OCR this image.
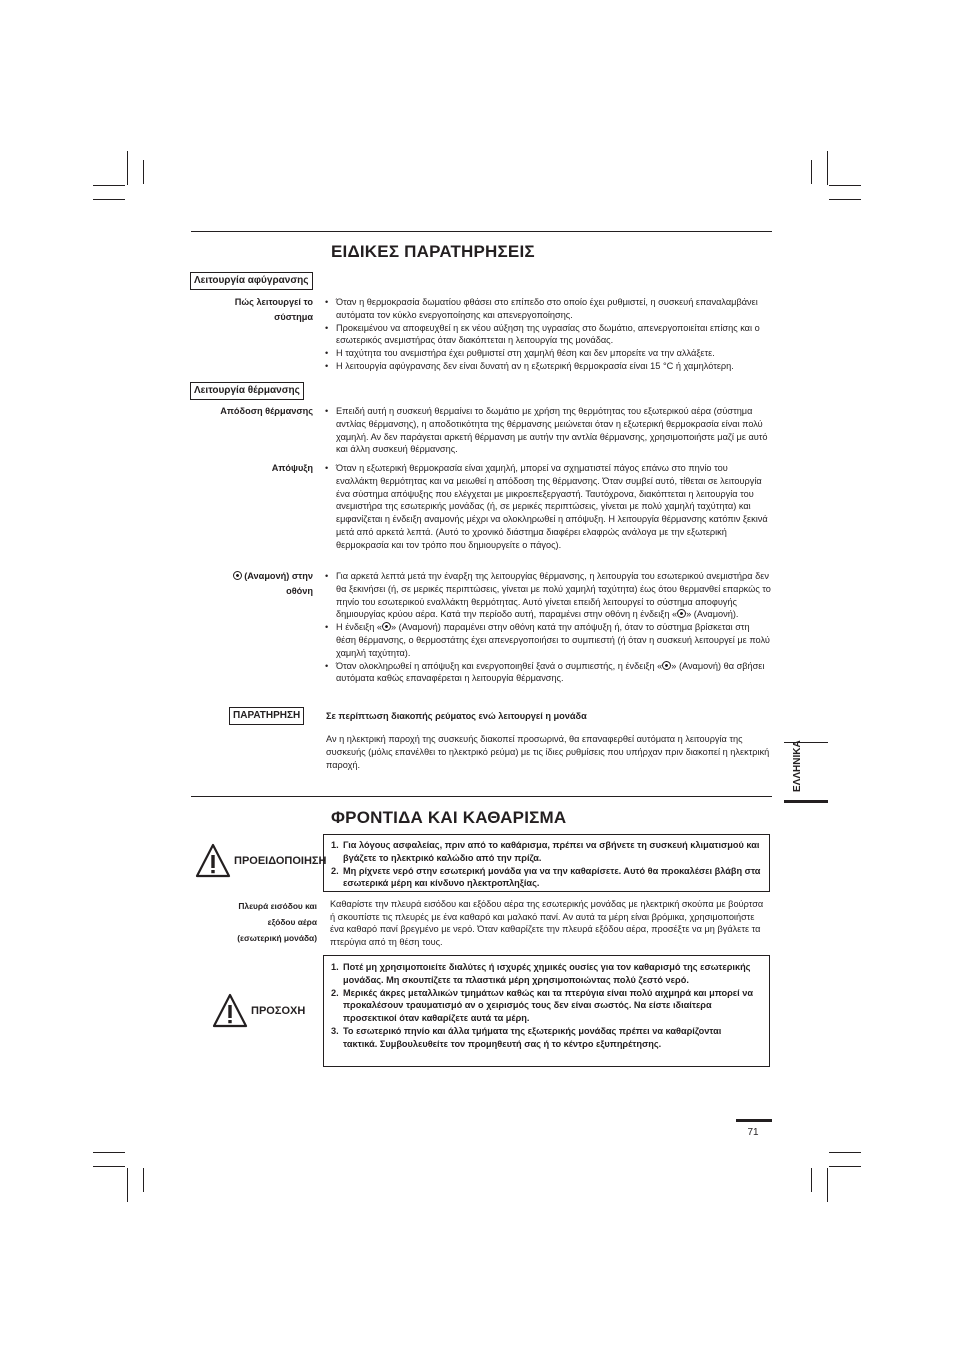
ΕΙΔΙΚΕΣ ΠΑΡΑΤΗΡΗΣΕΙΣ
Λειτουργία αφύγρανσης
Πώς λειτουργεί το
σύστημα
• Όταν η θερμοκρασία δωματίου φθάσει στο επίπεδο στο οποίο έχει ρυθμιστεί, η συσκευή επαναλαμβάνει αυτόματα τον κύκλο ενεργοποίησης και απενεργοποίησης.
• Προκειμένου να αποφευχθεί η εκ νέου αύξηση της υγρασίας στο δωμάτιο, απενεργοποιείται επίσης και ο εσωτερικός ανεμιστήρας όταν διακόπτεται η λειτουργία της μονάδας.
• Η ταχύτητα του ανεμιστήρα έχει ρυθμιστεί στη χαμηλή θέση και δεν μπορείτε να την αλλάξετε.
• Η λειτουργία αφύγρανσης δεν είναι δυνατή αν η εξωτερική θερμοκρασία είναι 15 °C ή χαμηλότερη.
Λειτουργία θέρμανσης
Απόδοση θέρμανσης	• Επειδή αυτή η συσκευή θερμαίνει το δωμάτιο με χρήση της θερμότητας του εξωτερικού αέρα (σύστημα αντλίας θέρμανσης), η αποδοτικότητα της θέρμανσης μειώνεται όταν η εξωτερική θερμοκρασία είναι πολύ χαμηλή. Αν δεν παράγεται αρκετή θέρμανση με αυτήν την αντλία θέρμανσης, χρησιμοποιήστε μαζί με αυτό και άλλη συσκευή θέρμανσης.
Απόψυξη	• Όταν η εξωτερική θερμοκρασία είναι χαμηλή, μπορεί να σχηματιστεί πάγος επάνω στο πηνίο του εναλλάκτη θερμότητας και να μειωθεί η απόδοση της θέρμανσης. Όταν συμβεί αυτό, τίθεται σε λειτουργία ένα σύστημα απόψυξης που ελέγχεται με μικροεπεξεργαστή. Ταυτόχρονα, διακόπτεται η λειτουργία του ανεμιστήρα της εσωτερικής μονάδας (ή, σε μερικές περιπτώσεις, γίνεται με πολύ χαμηλή ταχύτητα) και εμφανίζεται η ένδειξη αναμονής μέχρι να ολοκληρωθεί η απόψυξη. Η λειτουργία θέρμανσης κατόπιν ξεκινά μετά από αρκετά λεπτά. (Αυτό το χρονικό διάστημα διαφέρει ελαφρώς ανάλογα με την εξωτερική θερμοκρασία και τον τρόπο που δημιουργείτε ο πάγος).
(Αναμονή) στην
οθόνη
• Για αρκετά λεπτά μετά την έναρξη της λειτουργίας θέρμανσης, η λειτουργία του εσωτερικού ανεμιστήρα δεν θα ξεκινήσει (ή, σε μερικές περιπτώσεις, γίνεται με πολύ χαμηλή ταχύτητα) έως ότου θερμανθεί επαρκώς το πηνίο του εσωτερικού εναλλάκτη θερμότητας. Αυτό γίνεται επειδή λειτουργεί το σύστημα αποφυγής δημιουργίας κρύου αέρα. Κατά την περίοδο αυτή, παραμένει στην οθόνη η ένδειξη « » (Αναμονή).
• Η ένδειξη « » (Αναμονή) παραμένει στην οθόνη κατά την απόψυξη ή, όταν το σύστημα βρίσκεται στη θέση θέρμανσης, ο θερμοστάτης έχει απενεργοποιήσει το συμπιεστή (ή όταν η συσκευή λειτουργεί με πολύ χαμηλή ταχύτητα).
• Όταν ολοκληρωθεί η απόψυξη και ενεργοποιηθεί ξανά ο συμπιεστής, η ένδειξη « » (Αναμονή) θα σβήσει αυτόματα καθώς επαναφέρεται η λειτουργία θέρμανσης.
ΠΑΡΑΤΗΡΗΣΗ	Σε περίπτωση διακοπής ρεύματος ενώ λειτουργεί η μονάδα
Αν η ηλεκτρική παροχή της συσκευής διακοπεί προσωρινά, θα επαναφερθεί αυτόματα η λειτουργία της συσκευής (μόλις επανέλθει το ηλεκτρικό ρεύμα) με τις ίδιες ρυθμίσεις που υπήρχαν πριν διακοπεί η ηλεκτρική παροχή.	ΕΛΛΗΝΙΚΑ
ΦΡΟΝΤΙΔΑ ΚΑΙ ΚΑΘΑΡΙΣΜΑ
ΠΡΟΕΙΔΟΠΟΙΗΣΗ
1. Για λόγους ασφαλείας, πριν από το καθάρισμα, πρέπει να σβήνετε τη συσκευή κλιματισμού και βγάζετε το ηλεκτρικό καλώδιο από την πρίζα.
2. Μη ρίχνετε νερό στην εσωτερική μονάδα για να την καθαρίσετε. Αυτό θα προκαλέσει βλάβη στα εσωτερικά μέρη και κίνδυνο ηλεκτροπληξίας.
Πλευρά εισόδου και
εξόδου αέρα
(εσωτερική μονάδα)
Καθαρίστε την πλευρά εισόδου και εξόδου αέρα της εσωτερικής μονάδας με ηλεκτρική σκούπα με βούρτσα ή σκουπίστε τις πλευρές με ένα καθαρό και μαλακό πανί. Αν αυτά τα μέρη είναι βρόμικα, χρησιμοποιήστε ένα καθαρό πανί βρεγμένο με νερό. Όταν καθαρίζετε την πλευρά εξόδου αέρα, προσέξτε να μη βγάλετε τα πτερύγια από τη θέση τους.
ΠΡΟΣΟΧΗ
1. Ποτέ μη χρησιμοποιείτε διαλύτες ή ισχυρές χημικές ουσίες για τον καθαρισμό της εσωτερικής μονάδας. Μη σκουπίζετε τα πλαστικά μέρη χρησιμοποιώντας πολύ ζεστό νερό.
2. Μερικές άκρες μεταλλικών τμημάτων καθώς και τα πτερύγια είναι πολύ αιχμηρά και μπορεί να προκαλέσουν τραυματισμό αν ο χειρισμός τους δεν είναι σωστός. Να είστε ιδιαίτερα προσεκτικοί όταν καθαρίζετε αυτά τα μέρη.
3. Το εσωτερικό πηνίο και άλλα τμήματα της εξωτερικής μονάδας πρέπει να καθαρίζονται τακτικά. Συμβουλευθείτε τον προμηθευτή σας ή το κέντρο εξυπηρέτησης.
71
